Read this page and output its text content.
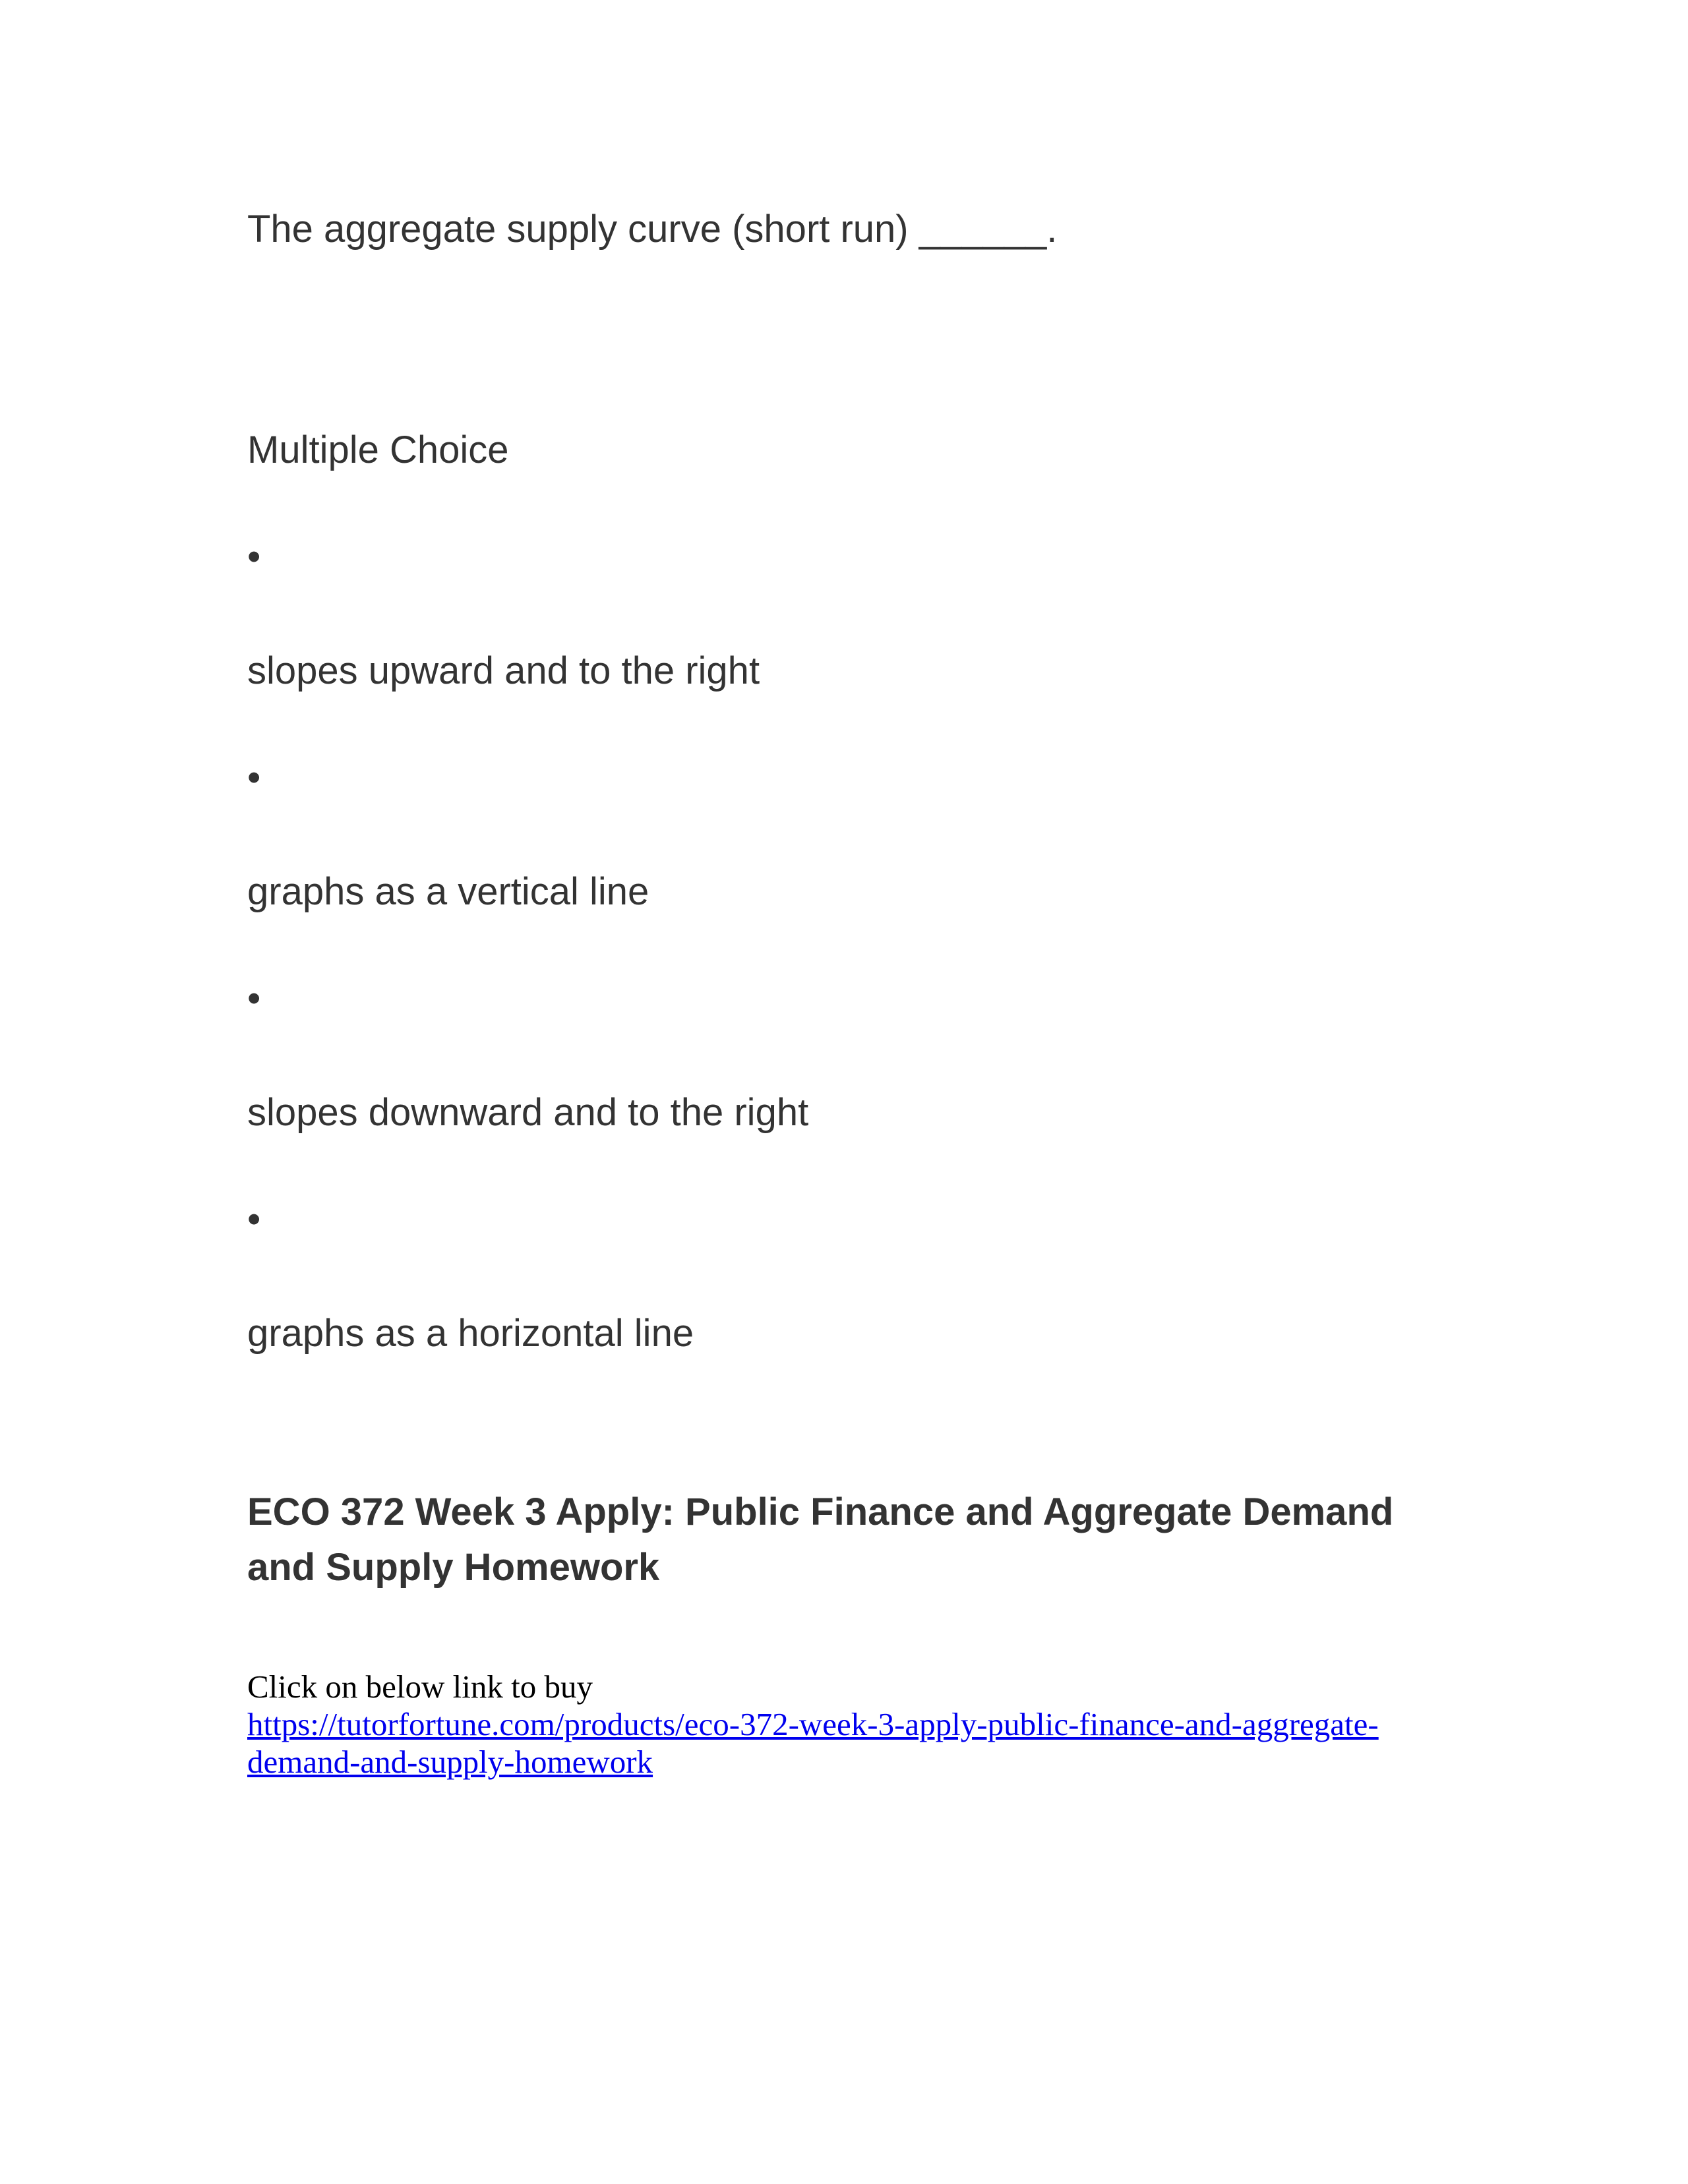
The aggregate supply curve (short run) ______.

Multiple Choice

•

slopes upward and to the right

•

graphs as a vertical line

•

slopes downward and to the right

•

graphs as a horizontal line

ECO 372 Week 3 Apply: Public Finance and Aggregate Demand
and Supply Homework
Click on below link to buy
https://tutorfortune.com/products/eco-372-week-3-apply-public-finance-and-aggregate-
demand-and-supply-homework
